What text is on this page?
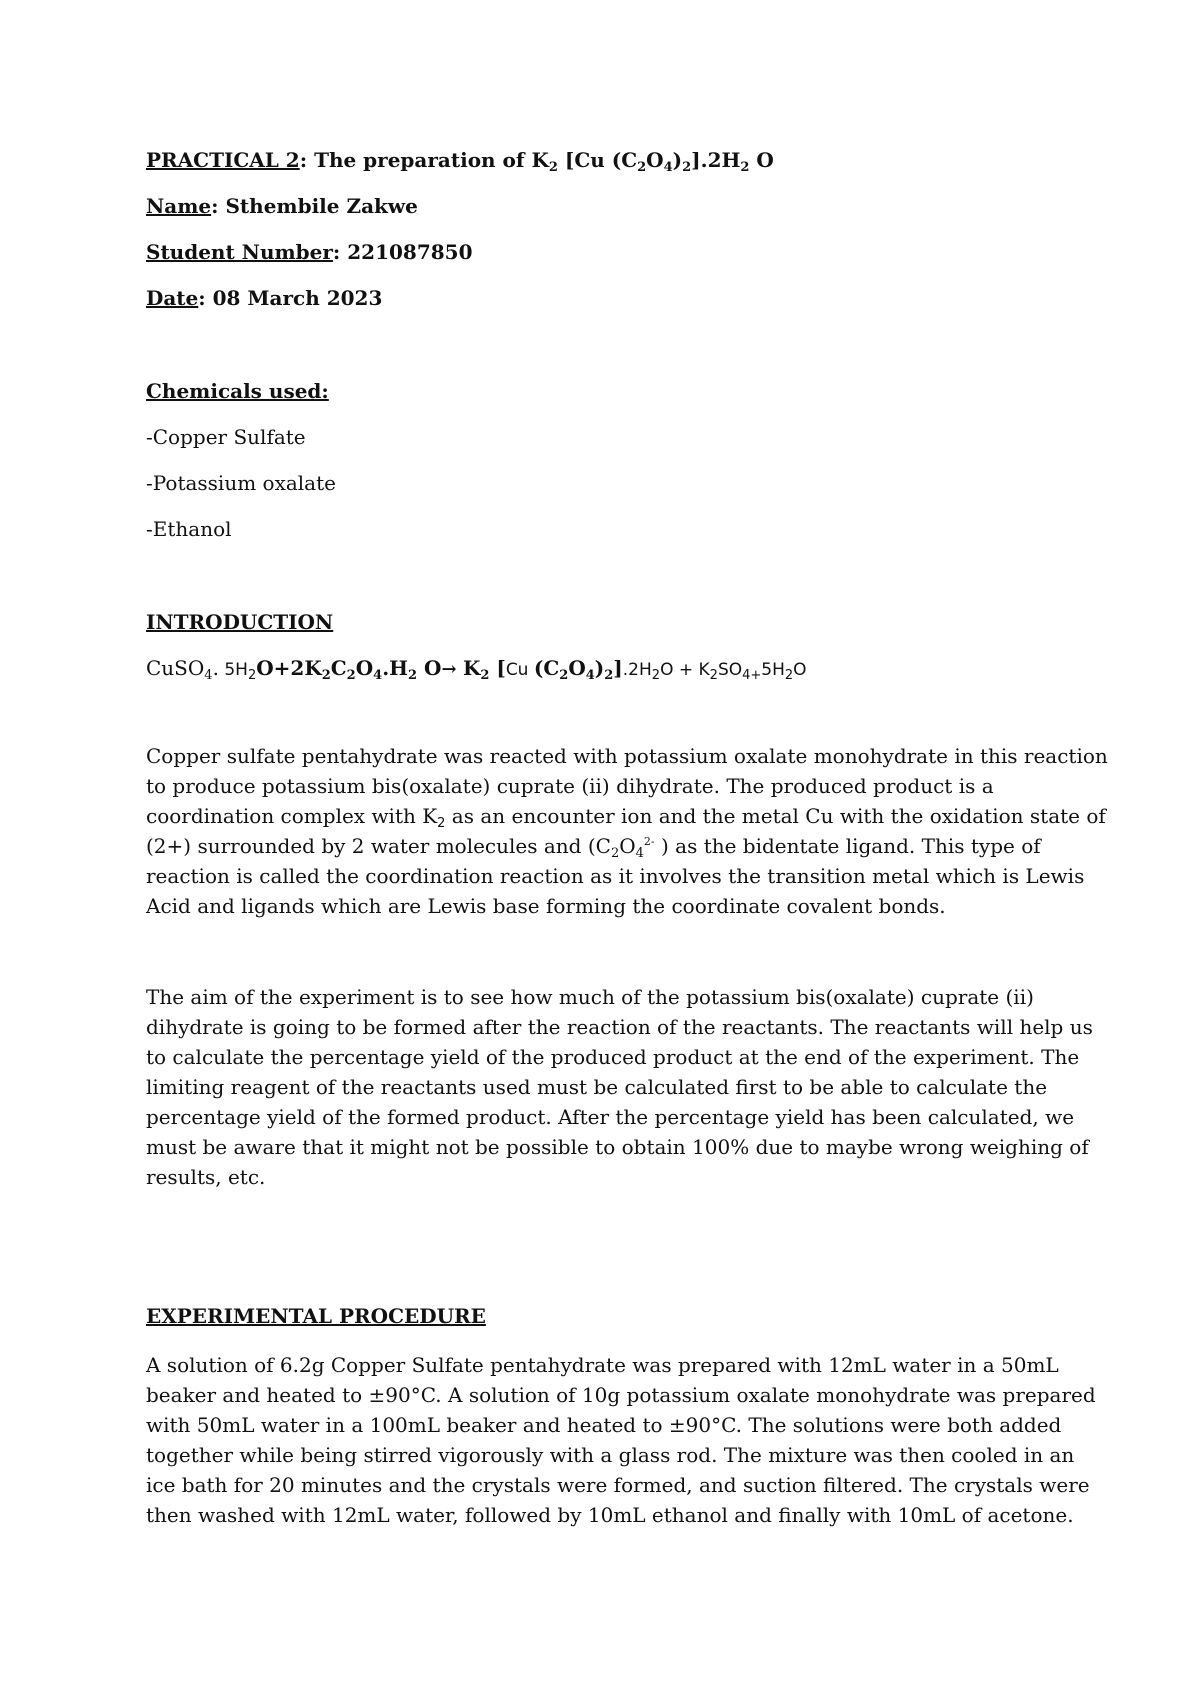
PRACTICAL 2: The preparation of $K_2$ [Cu $(C_2O_4)_2].2H_2$ O
Name: Sthembile Zakwe
Student Number: 221087850
Date: 08 March 2023
Chemicals used:
-Copper Sulfate
-Potassium oxalate
-Ethanol
INTRODUCTION
CuSO$_4$. $5H_2O+2K_2C_2O_4.H_2$ $O\to K_2$ [Cu $(C_2O_4)_2].2H_2O + K_2SO_{4+}5H_2O$
Copper sulfate pentahydrate was reacted with potassium oxalate monohydrate in this reaction
to produce potassium bis(oxalate) cuprate (ii) dihydrate. The produced product is a
coordination complex with $K_2$ as an encounter ion and the metal Cu with the oxidation state of
(2+) surrounded by 2 water molecules and ($C_2O_4^{2-}$ ) as the bidentate ligand. This type of
reaction is called the coordination reaction as it involves the transition metal which is Lewis
Acid and ligands which are Lewis base forming the coordinate covalent bonds.
The aim of the experiment is to see how much of the potassium bis(oxalate) cuprate (ii)
dihydrate is going to be formed after the reaction of the reactants. The reactants will help us
to calculate the percentage yield of the produced product at the end of the experiment. The
limiting reagent of the reactants used must be calculated first to be able to calculate the
percentage yield of the formed product. After the percentage yield has been calculated, we
must be aware that it might not be possible to obtain 100% due to maybe wrong weighing of
results, etc.
EXPERIMENTAL PROCEDURE
A solution of 6.2g Copper Sulfate pentahydrate was prepared with 12mL water in a 50mL
beaker and heated to ±90°C. A solution of 10g potassium oxalate monohydrate was prepared
with 50mL water in a 100mL beaker and heated to ±90°C. The solutions were both added
together while being stirred vigorously with a glass rod. The mixture was then cooled in an
ice bath for 20 minutes and the crystals were formed, and suction filtered. The crystals were
then washed with 12mL water, followed by 10mL ethanol and finally with 10mL of acetone.
